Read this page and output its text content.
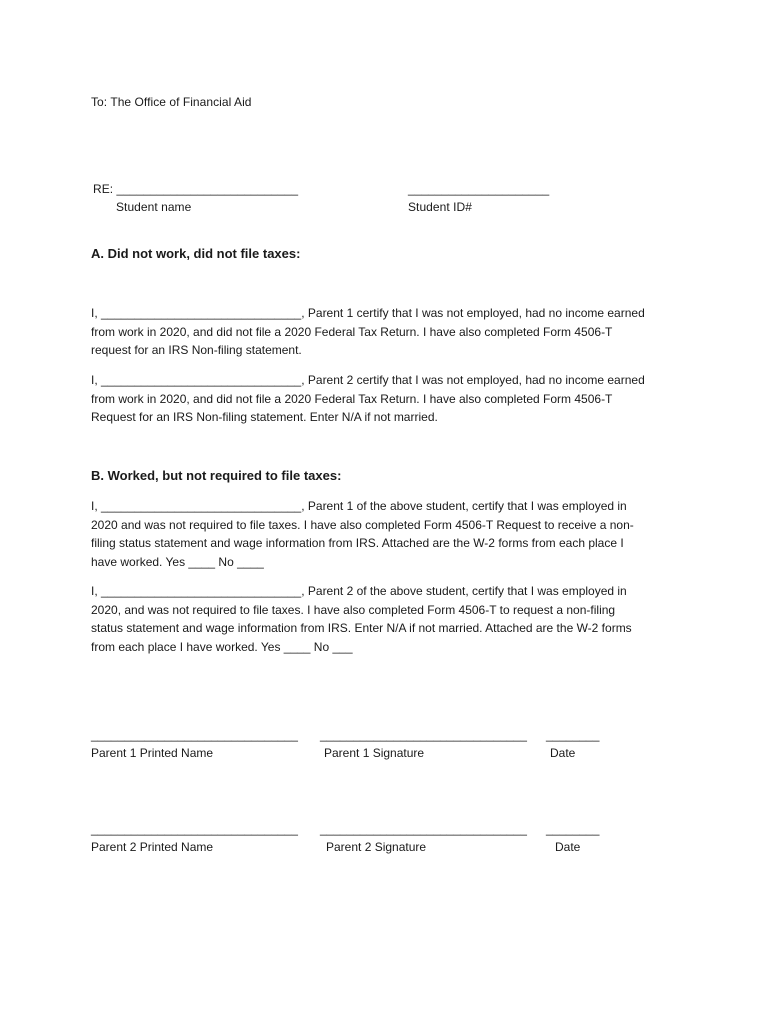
To: The Office of Financial Aid
RE: ___________________________	_____________________
Student name	Student ID#
A. Did not work, did not file taxes:
I, ______________________________, Parent 1 certify that I was not employed, had no income earned
from work in 2020, and did not file a 2020 Federal Tax Return. I have also completed Form 4506-T
request for an IRS Non-filing statement.
I, ______________________________, Parent 2 certify that I was not employed, had no income earned
from work in 2020, and did not file a 2020 Federal Tax Return. I have also completed Form 4506-T
Request for an IRS Non-filing statement. Enter N/A if not married.
B. Worked, but not required to file taxes:
I, ______________________________, Parent 1 of the above student, certify that I was employed in
2020 and was not required to file taxes. I have also completed Form 4506-T Request to receive a non-
filing status statement and wage information from IRS. Attached are the W-2 forms from each place I
have worked. Yes ____ No ____
I, ______________________________, Parent 2 of the above student, certify that I was employed in
2020, and was not required to file taxes. I have also completed Form 4506-T to request a non-filing
status statement and wage information from IRS. Enter N/A if not married. Attached are the W-2 forms
from each place I have worked. Yes ____ No ___
_______________________________ _______________________________ ________
Parent 1 Printed Name	Parent 1 Signature	Date
_______________________________ _______________________________ ________
Parent 2 Printed Name	Parent 2 Signature	Date
